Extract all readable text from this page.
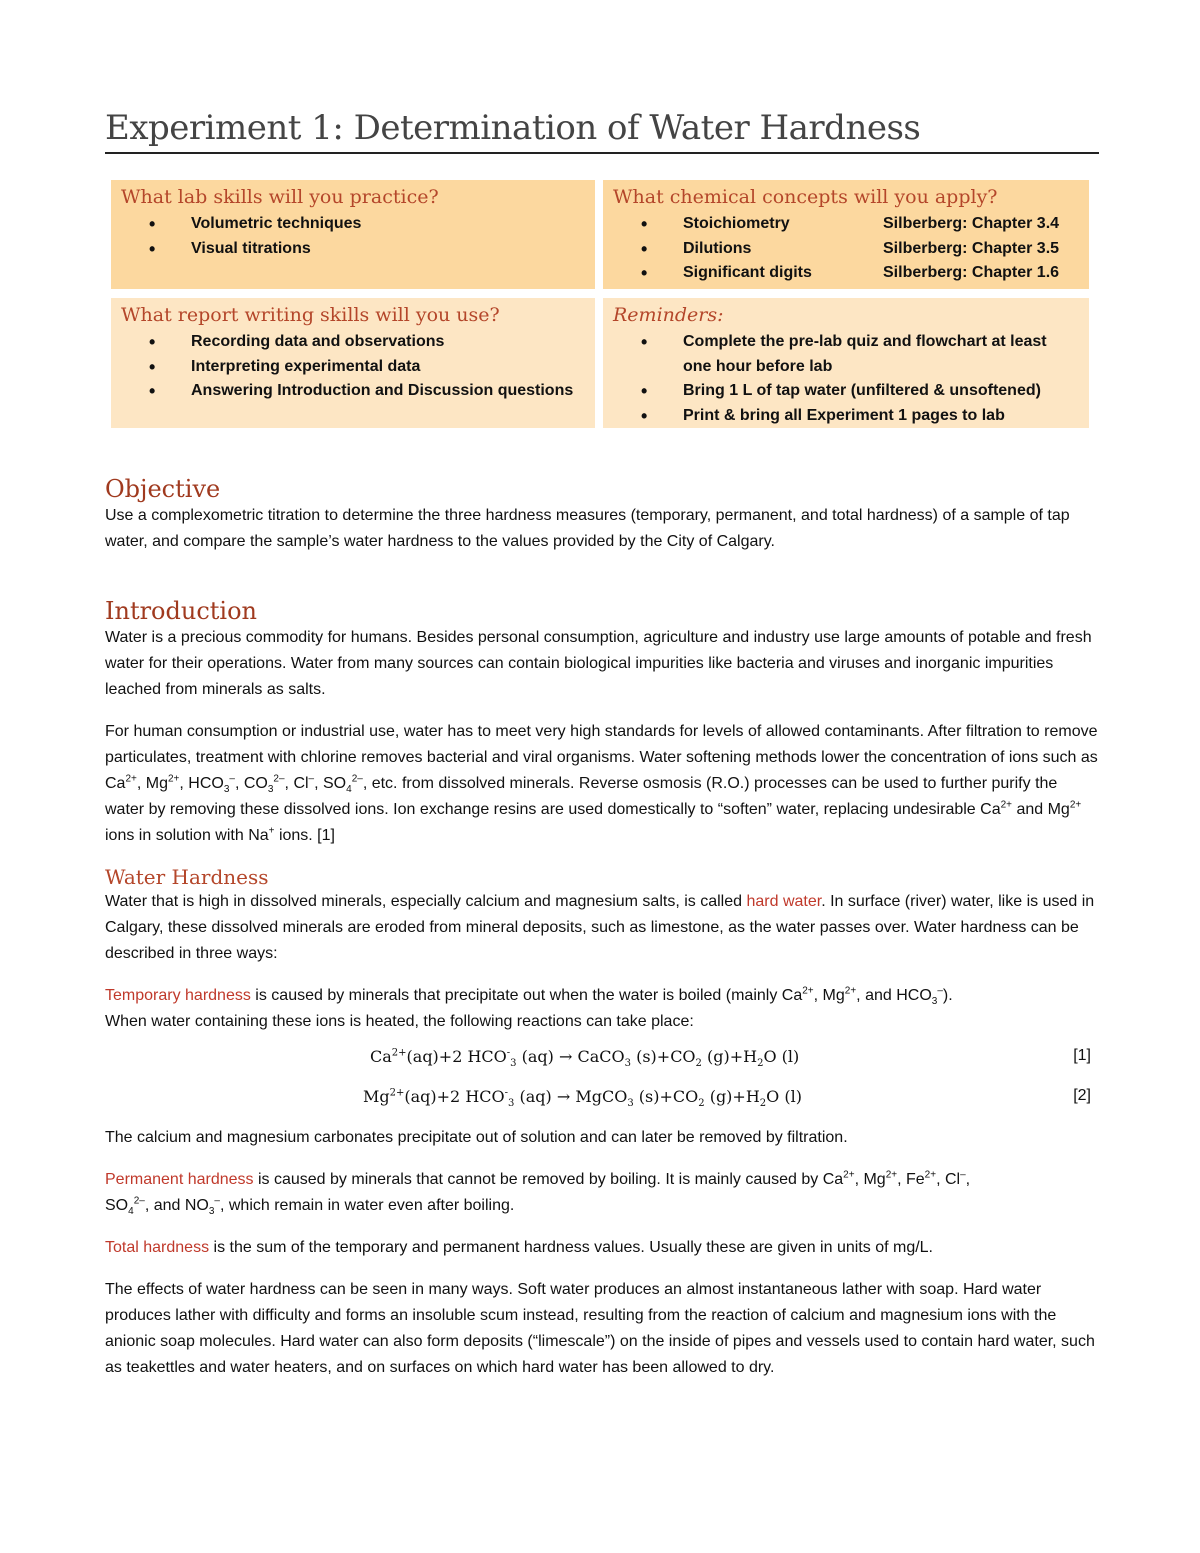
Experiment 1: Determination of Water Hardness
What lab skills will you practice?
• Volumetric techniques
• Visual titrations
What chemical concepts will you apply?
• Stoichiometry	Silberberg: Chapter 3.4
• Dilutions	Silberberg: Chapter 3.5
• Significant digits	Silberberg: Chapter 1.6
What report writing skills will you use?
• Recording data and observations
• Interpreting experimental data
• Answering Introduction and Discussion questions
Reminders:
• Complete the pre-lab quiz and flowchart at least one hour before lab
• Bring 1 L of tap water (unfiltered & unsoftened)
• Print & bring all Experiment 1 pages to lab
Objective

Use a complexometric titration to determine the three hardness measures (temporary, permanent, and total hardness) of a sample of tap water, and compare the sample’s water hardness to the values provided by the City of Calgary.

Introduction

Water is a precious commodity for humans. Besides personal consumption, agriculture and industry use large amounts of potable and fresh water for their operations. Water from many sources can contain biological impurities like bacteria and viruses and inorganic impurities leached from minerals as salts.

For human consumption or industrial use, water has to meet very high standards for levels of allowed contaminants. After filtration to remove particulates, treatment with chlorine removes bacterial and viral organisms. Water softening methods lower the concentration of ions such as $Ca^{2+}$, $Mg^{2+}$, $HCO_3^-$, $CO_3^{2-}$, Cl–, $SO_4^{2-}$, etc. from dissolved minerals. Reverse osmosis (R.O.) processes can be used to further purify the water by removing these dissolved ions. Ion exchange resins are used domestically to “soften” water, replacing undesirable $Ca^{2+}$ and $Mg^{2+}$ ions in solution with Na+ ions. [1]

Water Hardness

Water that is high in dissolved minerals, especially calcium and magnesium salts, is called hard water. In surface (river) water, like is used in Calgary, these dissolved minerals are eroded from mineral deposits, such as limestone, as the water passes over. Water hardness can be described in three ways:

Temporary hardness is caused by minerals that precipitate out when the water is boiled (mainly $Ca^{2+}$, $Mg^{2+}$, and $HCO_3^-$).
When water containing these ions is heated, the following reactions can take place:

$Ca^{2+}(aq)+2$ $HCO^-_3$ (aq) → CaCO$_3$ $(s)+CO_2$ $(g)+H_2O$ (l)	[1]
$Mg^{2+}(aq)+2$ $HCO^-_3$ (aq) → MgCO$_3$ $(s)+CO_2$ $(g)+H_2O$ (l)	[2]

The calcium and magnesium carbonates precipitate out of solution and can later be removed by filtration.

Permanent hardness is caused by minerals that cannot be removed by boiling. It is mainly caused by $Ca^{2+}$, $Mg^{2+}$, $Fe^{2+}$, Cl–,
$SO_4^{2-}$, and $NO_3^-$, which remain in water even after boiling.

Total hardness is the sum of the temporary and permanent hardness values. Usually these are given in units of mg/L.

The effects of water hardness can be seen in many ways. Soft water produces an almost instantaneous lather with soap. Hard water produces lather with difficulty and forms an insoluble scum instead, resulting from the reaction of calcium and magnesium ions with the anionic soap molecules. Hard water can also form deposits (“limescale”) on the inside of pipes and vessels used to contain hard water, such as teakettles and water heaters, and on surfaces on which hard water has been allowed to dry.
